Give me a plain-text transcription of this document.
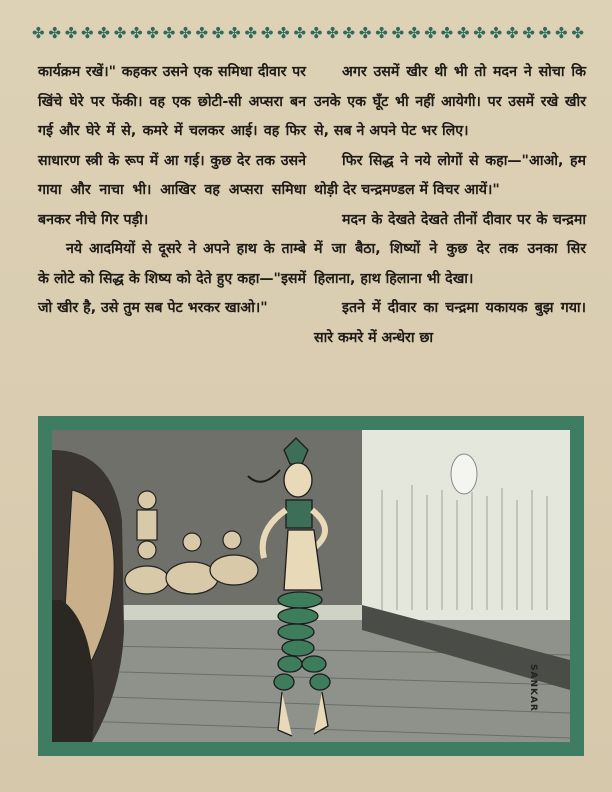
✤ ✤ ✤ ✤ ✤ ✤ ✤ ✤ ✤ ✤ ✤ ✤ ✤ ✤ ✤ ✤ ✤ ✤ ✤ ✤ ✤ ✤ ✤ ✤ ✤ ✤ ✤ ✤ ✤ ✤ ✤ ✤ ✤ ✤

कार्यक्रम रखें।" कहकर उसने एक समिधा दीवार पर खिंचे घेरे पर फेंकी। वह एक छोटी-सी अप्सरा बन गई और घेरे में से, कमरे में चलकर आई। वह फिर साधारण स्त्री के रूप में आ गई। कुछ देर तक उसने गाया और नाचा भी। आखिर वह अप्सरा समिधा बनकर नीचे गिर पड़ी।

नये आदमियों से दूसरे ने अपने हाथ के ताम्बे के लोटे को सिद्ध के शिष्य को देते हुए कहा—"इसमें जो खीर है, उसे तुम सब पेट भरकर खाओ।"

अगर उसमें खीर थी भी तो मदन ने सोचा कि उनके एक घूँट भी नहीं आयेगी। पर उसमें रखे खीर से, सब ने अपने पेट भर लिए।

फिर सिद्ध ने नये लोगों से कहा—"आओ, हम थोड़ी देर चन्द्रमण्डल में विचर आयें।"

मदन के देखते देखते तीनों दीवार पर के चन्द्रमा में जा बैठा, शिष्यों ने कुछ देर तक उनका सिर हिलाना, हाथ हिलाना भी देखा।

इतने में दीवार का चन्द्रमा यकायक बुझ गया। सारे कमरे में अन्धेरा छा

SANKAR
